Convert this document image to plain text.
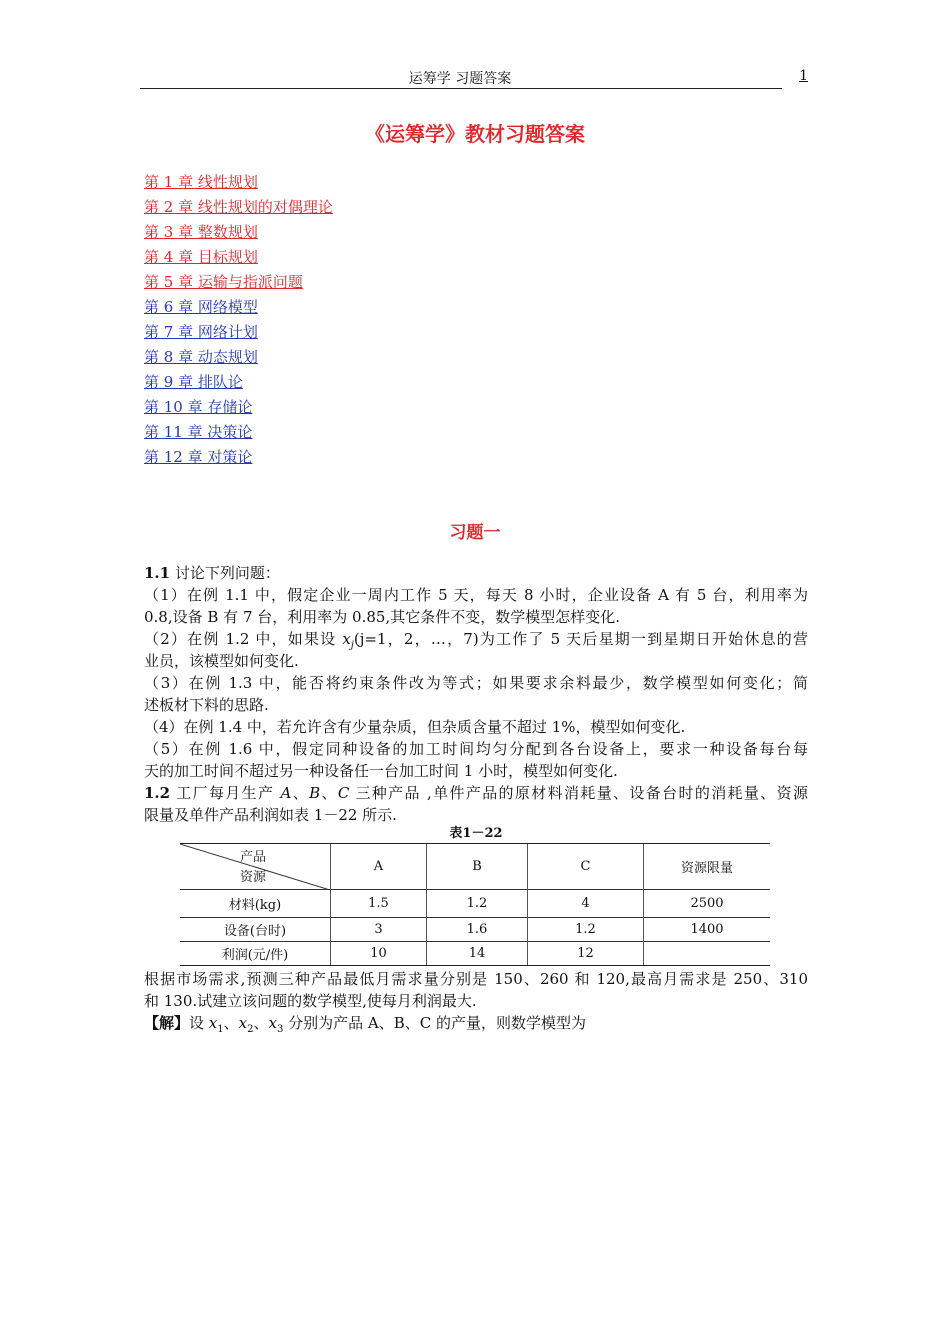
运筹学 习题答案	1
《运筹学》教材习题答案
第 1 章 线性规划
第 2 章 线性规划的对偶理论
第 3 章 整数规划
第 4 章 目标规划
第 5 章 运输与指派问题
第 6 章 网络模型
第 7 章 网络计划
第 8 章 动态规划
第 9 章 排队论
第 10 章 存储论
第 11 章 决策论
第 12 章 对策论
习题一
1.1 讨论下列问题：
（1）在例 1.1 中，假定企业一周内工作 5 天，每天 8 小时，企业设备 A 有 5 台，利用率为
0.8,设备 B 有 7 台，利用率为 0.85,其它条件不变，数学模型怎样变化.
（2）在例 1.2 中，如果设 $x_j(j=1$，2，…，7)为工作了 5 天后星期一到星期日开始休息的营
业员，该模型如何变化.
（3）在例 1.3 中，能否将约束条件改为等式；如果要求余料最少，数学模型如何变化；简
述板材下料的思路.
（4）在例 1.4 中，若允许含有少量杂质，但杂质含量不超过 1%，模型如何变化.
（5）在例 1.6 中，假定同种设备的加工时间均匀分配到各台设备上，要求一种设备每台每
天的加工时间不超过另一种设备任一台加工时间 1 小时，模型如何变化.
1.2 工厂每月生产 A、B、C 三种产品 ,单件产品的原材料消耗量、设备台时的消耗量、资源
限量及单件产品利润如表 1－22 所示.
表1－22
产品
资源	A	B	C	资源限量
材料(kg)	1.5	1.2	4	2500
设备(台时)	3	1.6	1.2	1400
利润(元/件)	10	14	12	
根据市场需求,预测三种产品最低月需求量分别是 150、260 和 120,最高月需求是 250、310
和 130.试建立该问题的数学模型,使每月利润最大.
【解】设 $x_1$、$x_2$、$x_3$ 分别为产品 A、B、C 的产量，则数学模型为
